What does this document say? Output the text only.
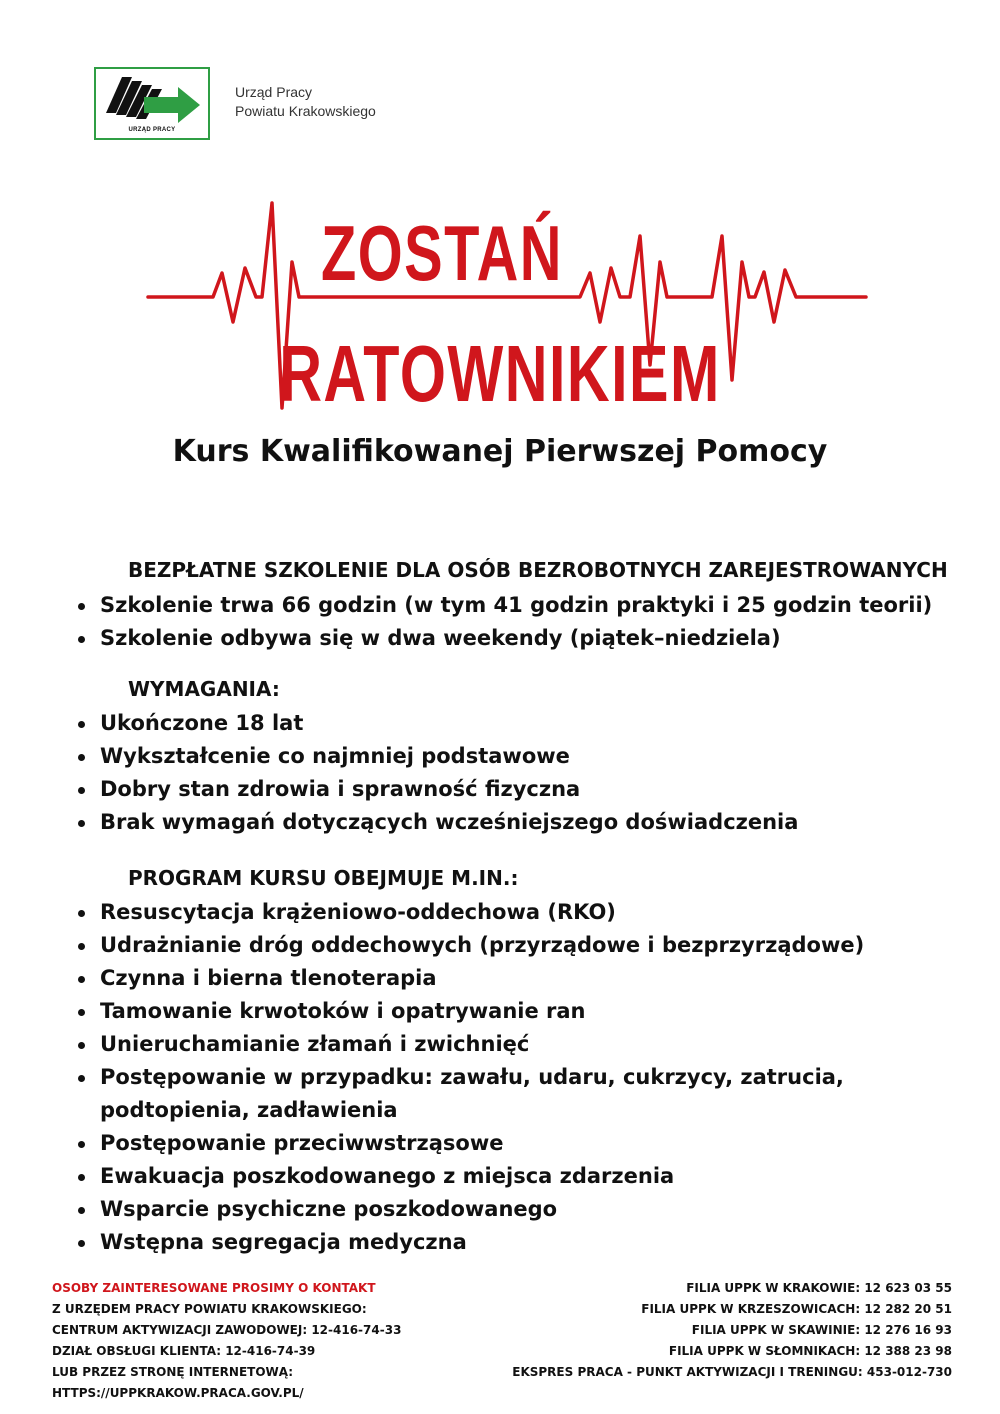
URZĄD PRACY
Urząd Pracy
Powiatu Krakowskiego
ZOSTAŃ
RATOWNIKIEM
Kurs Kwalifikowanej Pierwszej Pomocy
BEZPŁATNE SZKOLENIE DLA OSÓB BEZROBOTNYCH ZAREJESTROWANYCH
Szkolenie trwa 66 godzin (w tym 41 godzin praktyki i 25 godzin teorii)
Szkolenie odbywa się w dwa weekendy (piątek–niedziela)
WYMAGANIA:
Ukończone 18 lat
Wykształcenie co najmniej podstawowe
Dobry stan zdrowia i sprawność fizyczna
Brak wymagań dotyczących wcześniejszego doświadczenia
PROGRAM KURSU OBEJMUJE M.IN.:
Resuscytacja krążeniowo-oddechowa (RKO)
Udrażnianie dróg oddechowych (przyrządowe i bezprzyrządowe)
Czynna i bierna tlenoterapia
Tamowanie krwotoków i opatrywanie ran
Unieruchamianie złamań i zwichnięć
Postępowanie w przypadku: zawału, udaru, cukrzycy, zatrucia, podtopienia, zadławienia
Postępowanie przeciwwstrząsowe
Ewakuacja poszkodowanego z miejsca zdarzenia
Wsparcie psychiczne poszkodowanego
Wstępna segregacja medyczna
OSOBY ZAINTERESOWANE PROSIMY O KONTAKT
Z URZĘDEM PRACY POWIATU KRAKOWSKIEGO:
CENTRUM AKTYWIZACJI ZAWODOWEJ: 12-416-74-33
DZIAŁ OBSŁUGI KLIENTA: 12-416-74-39
LUB PRZEZ STRONĘ INTERNETOWĄ:
HTTPS://UPPKRAKOW.PRACA.GOV.PL/
FILIA UPPK W KRAKOWIE: 12 623 03 55
FILIA UPPK W KRZESZOWICACH: 12 282 20 51
FILIA UPPK W SKAWINIE: 12 276 16 93
FILIA UPPK W SŁOMNIKACH: 12 388 23 98
EKSPRES PRACA - PUNKT AKTYWIZACJI I TRENINGU: 453-012-730
